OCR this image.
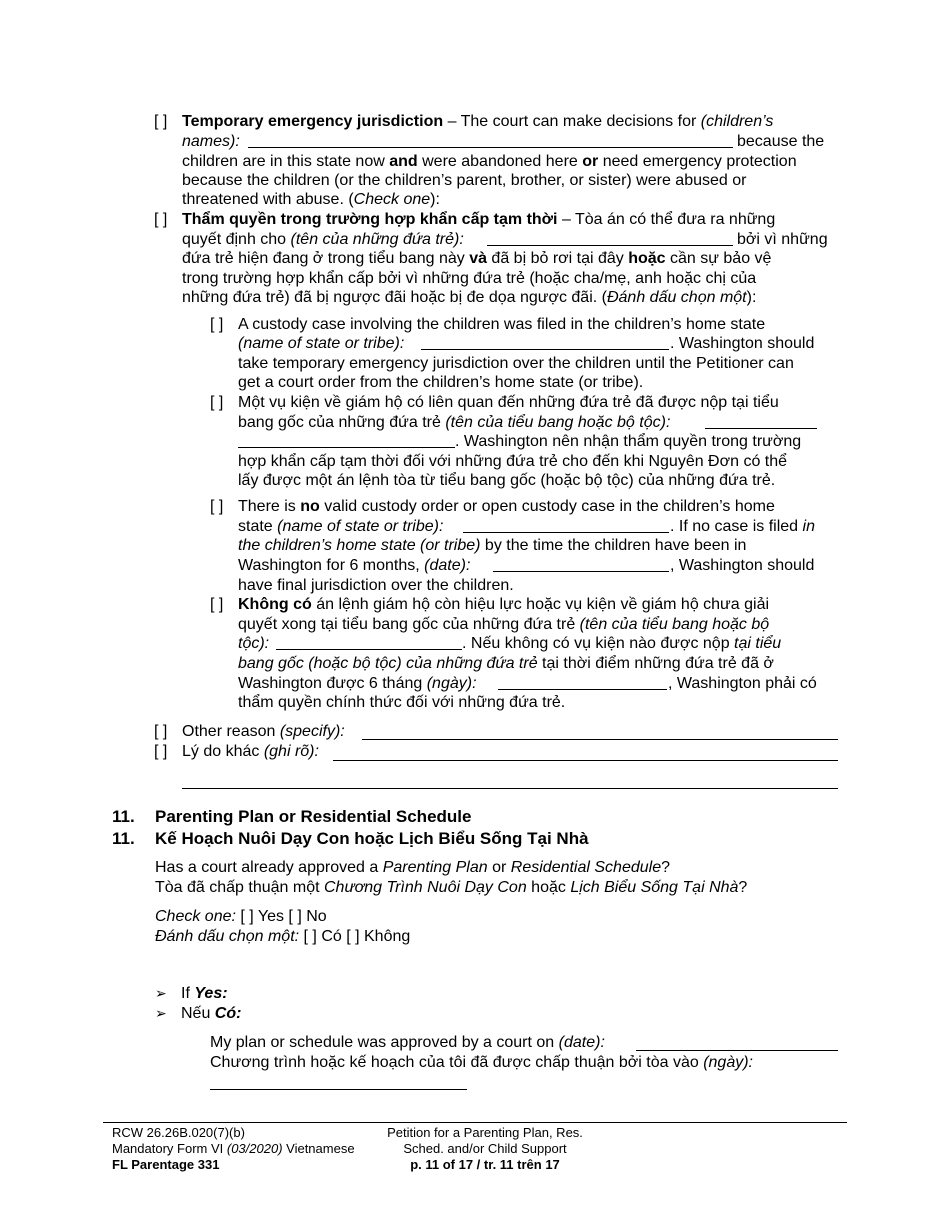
[ ] Temporary emergency jurisdiction – The court can make decisions for (children’s
names):	because the
children are in this state now and were abandoned here or need emergency protection
because the children (or the children’s parent, brother, or sister) were abused or
threatened with abuse. (Check one):
[ ] Thẩm quyền trong trường hợp khẩn cấp tạm thời – Tòa án có thể đưa ra những
quyết định cho (tên của những đứa trẻ):	bởi vì những
đứa trẻ hiện đang ở trong tiểu bang này và đã bị bỏ rơi tại đây hoặc cần sự bảo vệ
trong trường hợp khẩn cấp bởi vì những đứa trẻ (hoặc cha/mẹ, anh hoặc chị của
những đứa trẻ) đã bị ngược đãi hoặc bị đe dọa ngược đãi. (Đánh dấu chọn một):
[ ] A custody case involving the children was filed in the children’s home state
(name of state or tribe):	. Washington should
take temporary emergency jurisdiction over the children until the Petitioner can
get a court order from the children’s home state (or tribe).
[ ] Một vụ kiện về giám hộ có liên quan đến những đứa trẻ đã được nộp tại tiểu
bang gốc của những đứa trẻ (tên của tiểu bang hoặc bộ tộc):
. Washington nên nhận thẩm quyền trong trường
hợp khẩn cấp tạm thời đối với những đứa trẻ cho đến khi Nguyên Đơn có thể
lấy được một án lệnh tòa từ tiểu bang gốc (hoặc bộ tộc) của những đứa trẻ.
[ ] There is no valid custody order or open custody case in the children’s home
state (name of state or tribe):	. If no case is filed in
the children’s home state (or tribe) by the time the children have been in
Washington for 6 months, (date):	, Washington should
have final jurisdiction over the children.
[ ] Không có án lệnh giám hộ còn hiệu lực hoặc vụ kiện về giám hộ chưa giải
quyết xong tại tiểu bang gốc của những đứa trẻ (tên của tiểu bang hoặc bộ
tộc):	. Nếu không có vụ kiện nào được nộp tại tiểu
bang gốc (hoặc bộ tộc) của những đứa trẻ tại thời điểm những đứa trẻ đã ở
Washington được 6 tháng (ngày):	, Washington phải có
thẩm quyền chính thức đối với những đứa trẻ.
[ ] Other reason (specify):
[ ] Lý do khác (ghi rõ):
11. Parenting Plan or Residential Schedule
11. Kế Hoạch Nuôi Dạy Con hoặc Lịch Biểu Sống Tại Nhà
Has a court already approved a Parenting Plan or Residential Schedule?
Tòa đã chấp thuận một Chương Trình Nuôi Dạy Con hoặc Lịch Biểu Sống Tại Nhà?
Check one: [ ] Yes [ ] No
Đánh dấu chọn một: [ ] Có [ ] Không
➢ If Yes:
➢ Nếu Có:
My plan or schedule was approved by a court on (date):
Chương trình hoặc kế hoạch của tôi đã được chấp thuận bởi tòa vào (ngày):
RCW 26.26B.020(7)(b)
Mandatory Form VI (03/2020) Vietnamese
FL Parentage 331
Petition for a Parenting Plan, Res.
Sched. and/or Child Support
p. 11 of 17 / tr. 11 trên 17
